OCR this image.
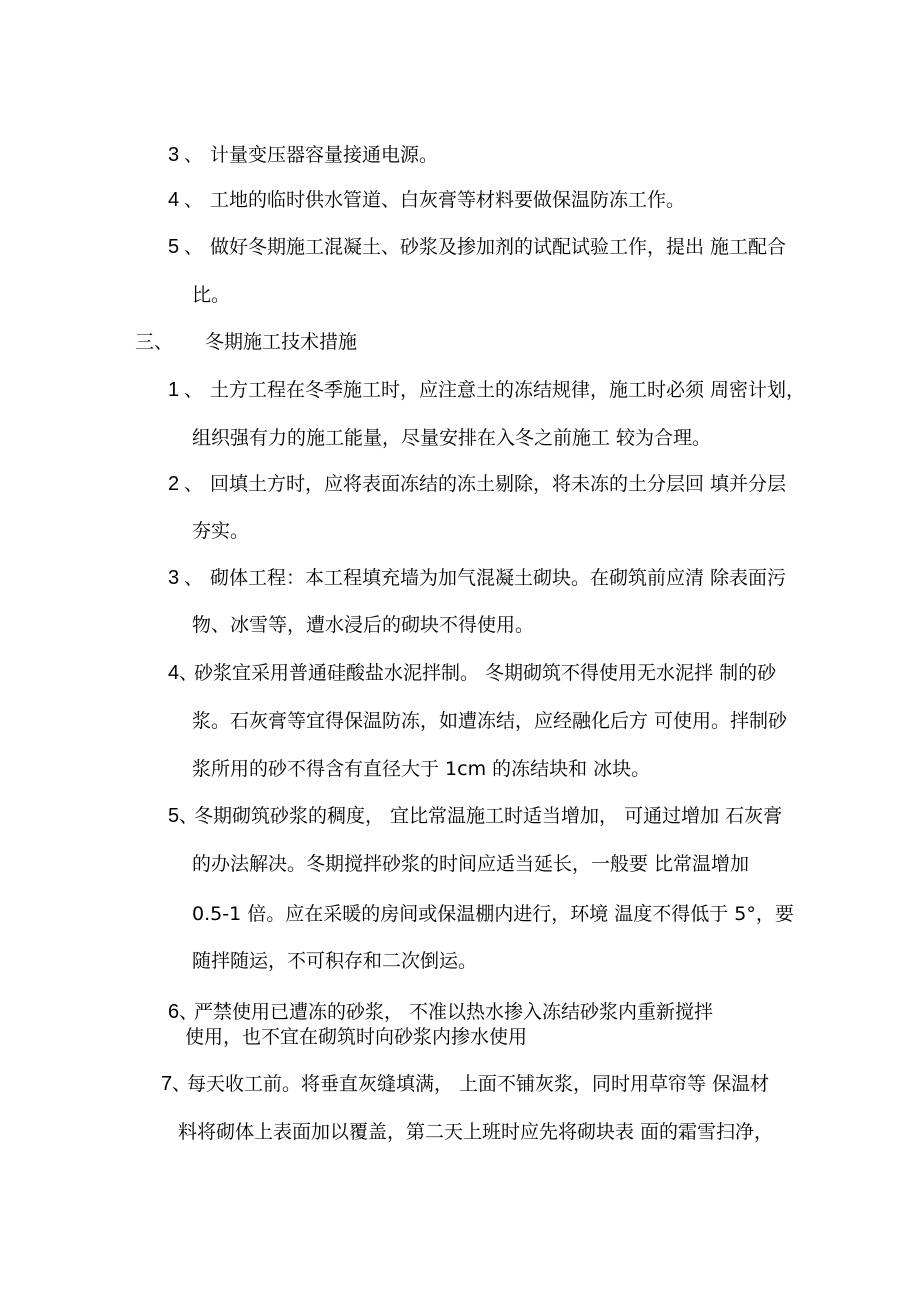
3 、 计量变压器容量接通电源。
4 、 工地的临时供水管道、白灰膏等材料要做保温防冻工作。
5 、 做好冬期施工混凝土、砂浆及掺加剂的试配试验工作，提出 施工配合
比。
三、 冬期施工技术措施
1 、 土方工程在冬季施工时，应注意土的冻结规律，施工时必须 周密计划，
组织强有力的施工能量，尽量安排在入冬之前施工 较为合理。
2 、 回填土方时，应将表面冻结的冻土剔除，将未冻的土分层回 填并分层
夯实。
3 、 砌体工程：本工程填充墙为加气混凝土砌块。在砌筑前应清 除表面污
物、冰雪等，遭水浸后的砌块不得使用。
4 、
砂浆宜采用普通硅酸盐水泥拌制。 冬期砌筑不得使用无水泥拌 制的砂
浆。石灰膏等宜得保温防冻，如遭冻结，应经融化后方 可使用。拌制砂
浆所用的砂不得含有直径大于 1cm 的冻结块和 冰块。
5 、
冬期砌筑砂浆的稠度， 宜比常温施工时适当增加， 可通过增加 石灰膏
的办法解决。冬期搅拌砂浆的时间应适当延长，一般要 比常温增加
0.5-1 倍。应在采暖的房间或保温棚内进行，环境 温度不得低于 5°，要
随拌随运，不可积存和二次倒运。
6 、
严禁使用已遭冻的砂浆， 不准以热水掺入冻结砂浆内重新搅拌
使用，也不宜在砌筑时向砂浆内掺水使用
7 、
每天收工前。将垂直灰缝填满， 上面不铺灰浆，同时用草帘等 保温材
料将砌体上表面加以覆盖，第二天上班时应先将砌块表 面的霜雪扫净，
